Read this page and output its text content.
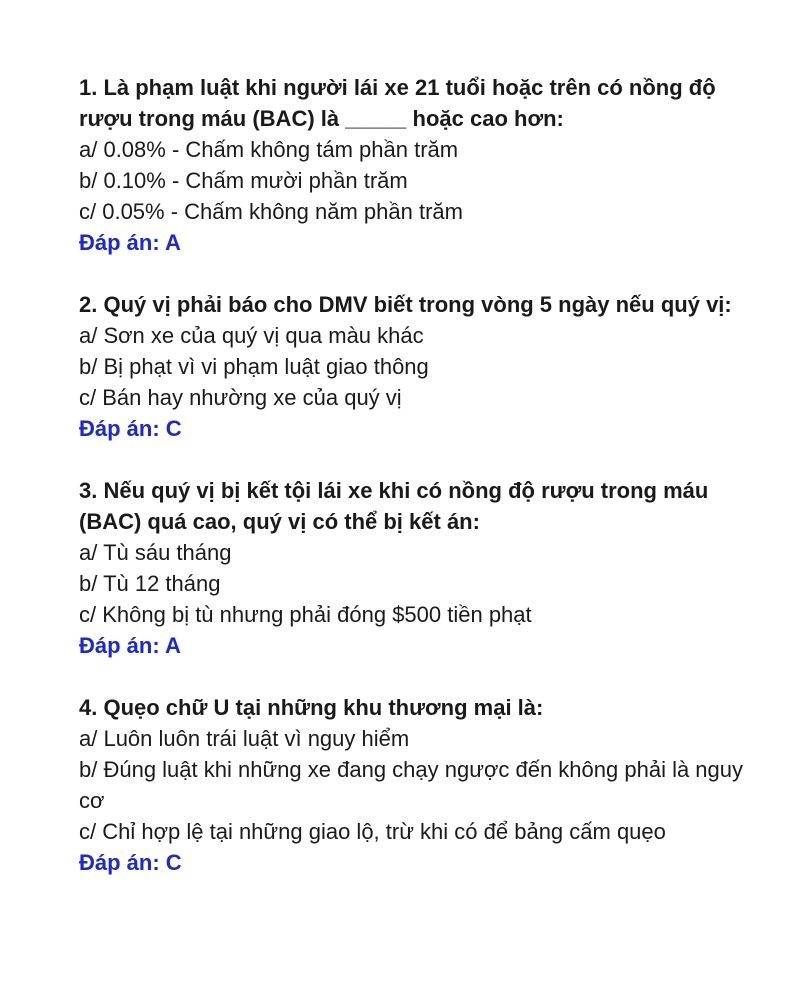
1. Là phạm luật khi người lái xe 21 tuổi hoặc trên có nồng độ rượu trong máu (BAC) là _____ hoặc cao hơn:

a/ 0.08% - Chấm không tám phần trăm

b/ 0.10% - Chấm mười phần trăm

c/ 0.05% - Chấm không năm phần trăm

Đáp án: A

2. Quý vị phải báo cho DMV biết trong vòng 5 ngày nếu quý vị:

a/ Sơn xe của quý vị qua màu khác

b/ Bị phạt vì vi phạm luật giao thông

c/ Bán hay nhường xe của quý vị

Đáp án: C

3. Nếu quý vị bị kết tội lái xe khi có nồng độ rượu trong máu (BAC) quá cao, quý vị có thể bị kết án:

a/ Tù sáu tháng

b/ Tù 12 tháng

c/ Không bị tù nhưng phải đóng $500 tiền phạt

Đáp án: A

4. Quẹo chữ U tại những khu thương mại là:

a/ Luôn luôn trái luật vì nguy hiểm

b/ Đúng luật khi những xe đang chạy ngược đến không phải là nguy cơ

c/ Chỉ hợp lệ tại những giao lộ, trừ khi có để bảng cấm quẹo

Đáp án: C
